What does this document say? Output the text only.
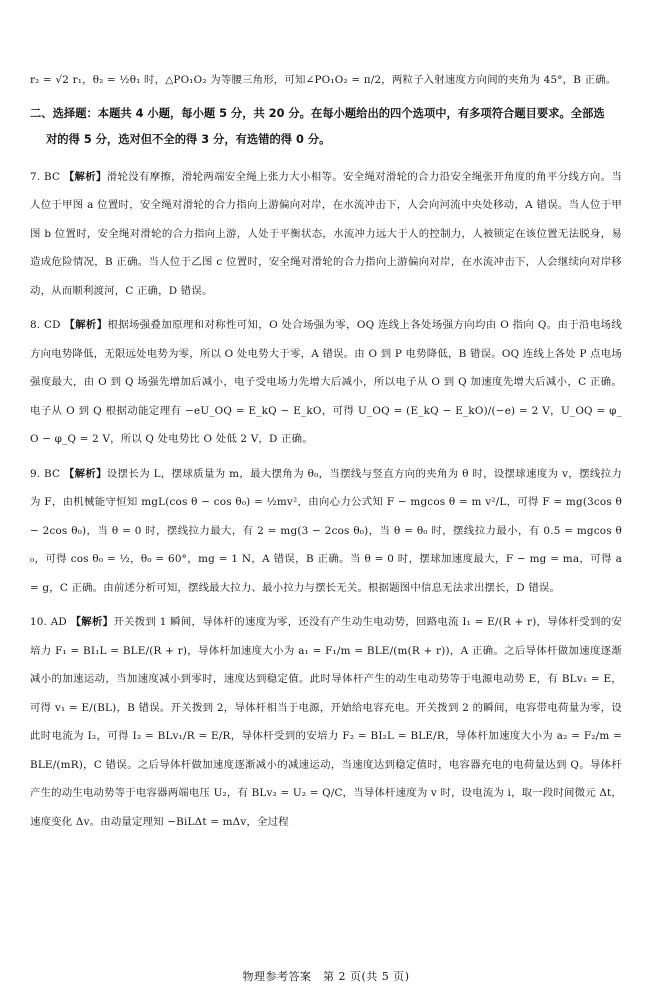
r₂ = √2 r₁，θ₂ = ½θ₁ 时，△PO₁O₂ 为等腰三角形，可知∠PO₁O₂ = π/2，两粒子入射速度方向间的夹角为 45°，B 正确。

二、选择题：本题共 4 小题，每小题 5 分，共 20 分。在每小题给出的四个选项中，有多项符合题目要求。全部选
对的得 5 分，选对但不全的得 3 分，有选错的得 0 分。

7. BC 【解析】滑轮没有摩擦，滑轮两端安全绳上张力大小相等。安全绳对滑轮的合力沿安全绳张开角度的角平分线方向。当人位于甲图 a 位置时，安全绳对滑轮的合力指向上游偏向对岸，在水流冲击下，人会向河流中央处移动，A 错误。当人位于甲图 b 位置时，安全绳对滑轮的合力指向上游，人处于平衡状态，水流冲力远大于人的控制力，人被锁定在该位置无法脱身，易造成危险情况，B 正确。当人位于乙图 c 位置时，安全绳对滑轮的合力指向上游偏向对岸，在水流冲击下，人会继续向对岸移动，从而顺利渡河，C 正确，D 错误。

8. CD 【解析】根据场强叠加原理和对称性可知，O 处合场强为零，OQ 连线上各处场强方向均由 O 指向 Q。由于沿电场线方向电势降低，无限远处电势为零，所以 O 处电势大于零，A 错误。由 O 到 P 电势降低，B 错误。OQ 连线上各处 P 点电场强度最大，由 O 到 Q 场强先增加后减小，电子受电场力先增大后减小，所以电子从 O 到 Q 加速度先增大后减小，C 正确。电子从 O 到 Q 根据动能定理有 −eU_OQ = E_kQ − E_kO，可得 U_OQ = (E_kQ − E_kO)/(−e) = 2 V，U_OQ = φ_O − φ_Q = 2 V，所以 Q 处电势比 O 处低 2 V，D 正确。

9. BC 【解析】设摆长为 L，摆球质量为 m，最大摆角为 θ₀，当摆线与竖直方向的夹角为 θ 时，设摆球速度为 v，摆线拉力为 F，由机械能守恒知 mgL(cos θ − cos θ₀) = ½mv²，由向心力公式知 F − mgcos θ = m v²/L，可得 F = mg(3cos θ − 2cos θ₀)，当 θ = 0 时，摆线拉力最大，有 2 = mg(3 − 2cos θ₀)，当 θ = θ₀ 时，摆线拉力最小，有 0.5 = mgcos θ₀，可得 cos θ₀ = ½，θ₀ = 60°，mg = 1 N，A 错误，B 正确。当 θ = 0 时，摆球加速度最大，F − mg = ma，可得 a = g，C 正确。由前述分析可知，摆线最大拉力、最小拉力与摆长无关。根据题图中信息无法求出摆长，D 错误。

10. AD 【解析】开关拨到 1 瞬间，导体杆的速度为零，还没有产生动生电动势，回路电流 I₁ = E/(R + r)，导体杆受到的安培力 F₁ = BI₁L = BLE/(R + r)，导体杆加速度大小为 a₁ = F₁/m = BLE/(m(R + r))，A 正确。之后导体杆做加速度逐渐减小的加速运动，当加速度减小到零时，速度达到稳定值。此时导体杆产生的动生电动势等于电源电动势 E，有 BLv₁ = E，可得 v₁ = E/(BL)，B 错误。开关拨到 2，导体杆相当于电源，开始给电容充电。开关拨到 2 的瞬间，电容带电荷量为零，设此时电流为 I₂，可得 I₂ = BLv₁/R = E/R，导体杆受到的安培力 F₂ = BI₂L = BLE/R，导体杆加速度大小为 a₂ = F₂/m = BLE/(mR)，C 错误。之后导体杆做加速度逐渐减小的减速运动，当速度达到稳定值时，电容器充电的电荷量达到 Q。导体杆产生的动生电动势等于电容器两端电压 U₂，有 BLv₂ = U₂ = Q/C，当导体杆速度为 v 时，设电流为 i，取一段时间微元 Δt，速度变化 Δv。由动量定理知 −BiLΔt = mΔv，全过程

物理参考答案　第 2 页(共 5 页)
